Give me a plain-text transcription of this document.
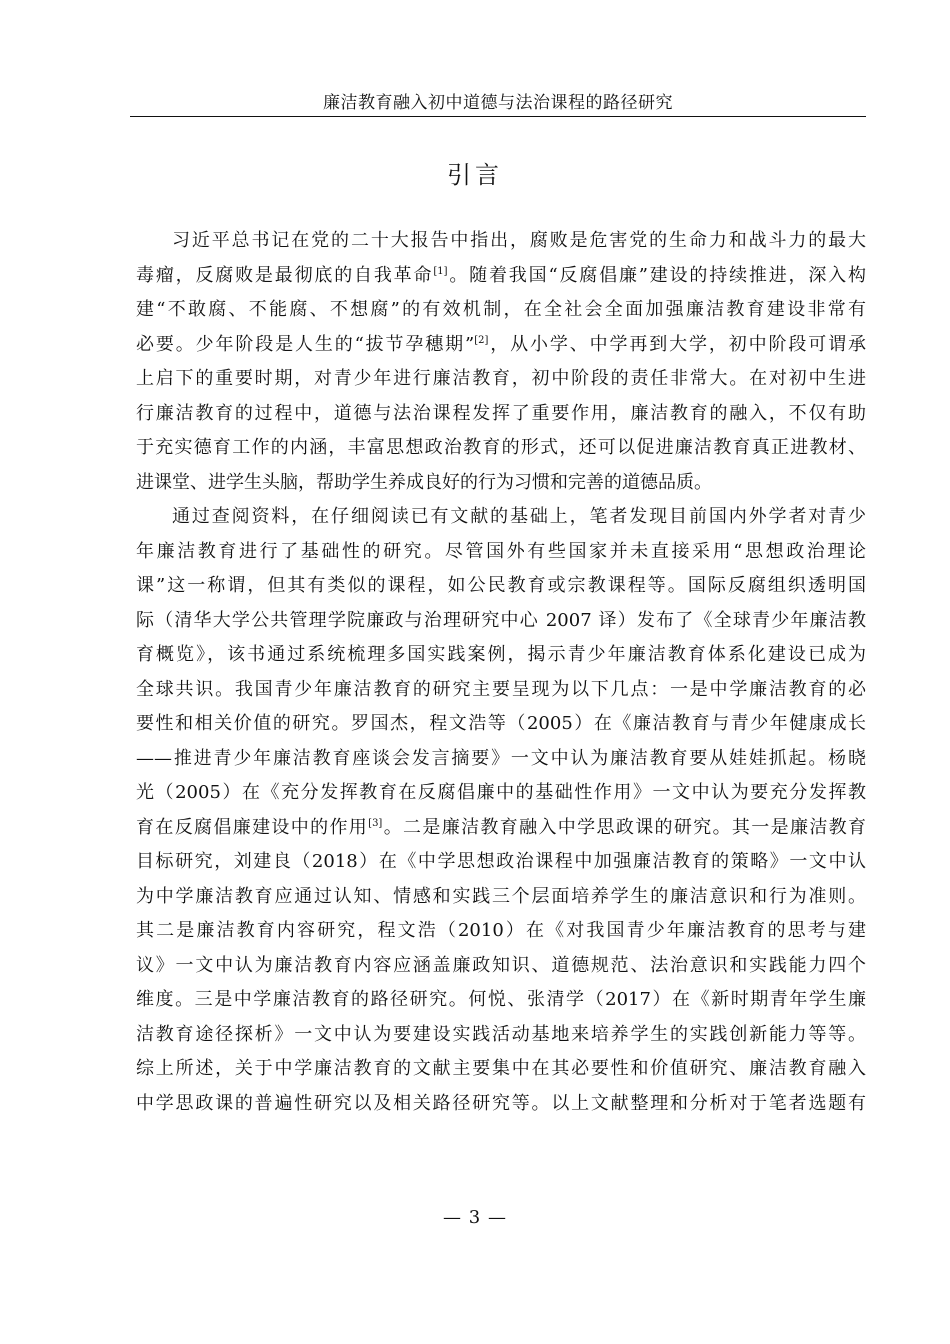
廉洁教育融入初中道德与法治课程的路径研究
引言
习近平总书记在党的二十大报告中指出，腐败是危害党的生命力和战斗力的最大
毒瘤，反腐败是最彻底的自我革命[1]。随着我国“反腐倡廉”建设的持续推进，深入构
建“不敢腐、不能腐、不想腐”的有效机制，在全社会全面加强廉洁教育建设非常有
必要。少年阶段是人生的“拔节孕穗期”[2]，从小学、中学再到大学，初中阶段可谓承
上启下的重要时期，对青少年进行廉洁教育，初中阶段的责任非常大。在对初中生进
行廉洁教育的过程中，道德与法治课程发挥了重要作用，廉洁教育的融入，不仅有助
于充实德育工作的内涵，丰富思想政治教育的形式，还可以促进廉洁教育真正进教材、
进课堂、进学生头脑，帮助学生养成良好的行为习惯和完善的道德品质。
通过查阅资料，在仔细阅读已有文献的基础上，笔者发现目前国内外学者对青少
年廉洁教育进行了基础性的研究。尽管国外有些国家并未直接采用“思想政治理论
课”这一称谓，但其有类似的课程，如公民教育或宗教课程等。国际反腐组织透明国
际（清华大学公共管理学院廉政与治理研究中心 2007 译）发布了《全球青少年廉洁教
育概览》，该书通过系统梳理多国实践案例，揭示青少年廉洁教育体系化建设已成为
全球共识。我国青少年廉洁教育的研究主要呈现为以下几点：一是中学廉洁教育的必
要性和相关价值的研究。罗国杰，程文浩等（2005）在《廉洁教育与青少年健康成长
——推进青少年廉洁教育座谈会发言摘要》一文中认为廉洁教育要从娃娃抓起。杨晓
光（2005）在《充分发挥教育在反腐倡廉中的基础性作用》一文中认为要充分发挥教
育在反腐倡廉建设中的作用[3]。二是廉洁教育融入中学思政课的研究。其一是廉洁教育
目标研究，刘建良（2018）在《中学思想政治课程中加强廉洁教育的策略》一文中认
为中学廉洁教育应通过认知、情感和实践三个层面培养学生的廉洁意识和行为准则。
其二是廉洁教育内容研究，程文浩（2010）在《对我国青少年廉洁教育的思考与建
议》一文中认为廉洁教育内容应涵盖廉政知识、道德规范、法治意识和实践能力四个
维度。三是中学廉洁教育的路径研究。何悦、张清学（2017）在《新时期青年学生廉
洁教育途径探析》一文中认为要建设实践活动基地来培养学生的实践创新能力等等。
综上所述，关于中学廉洁教育的文献主要集中在其必要性和价值研究、廉洁教育融入
中学思政课的普遍性研究以及相关路径研究等。以上文献整理和分析对于笔者选题有
— 3 —
